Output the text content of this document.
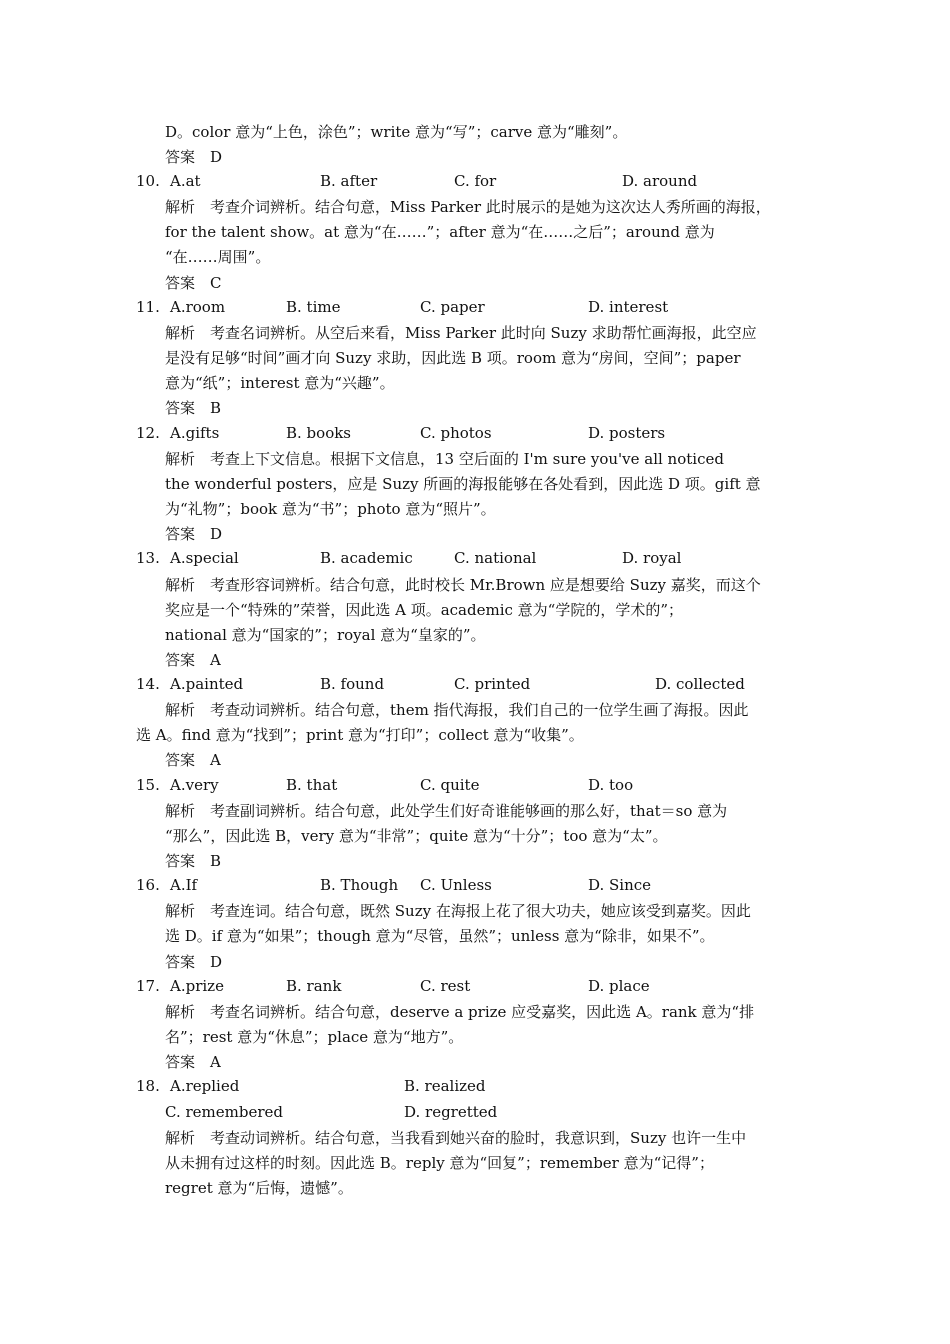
D。color 意为“上色，涂色”；write 意为“写”；carve 意为“雕刻”。
答案　D
10. A.at	B. after	C. for	D. around
解析　考查介词辨析。结合句意，Miss Parker 此时展示的是她为这次达人秀所画的海报，
for the talent show。at 意为“在……”；after 意为“在……之后”；around 意为
“在……周围”。
答案　C
11. A.room	B. time	C. paper	D. interest
解析　考查名词辨析。从空后来看，Miss Parker 此时向 Suzy 求助帮忙画海报，此空应
是没有足够“时间”画才向 Suzy 求助，因此选 B 项。room 意为“房间，空间”；paper
意为“纸”；interest 意为“兴趣”。
答案　B
12. A.gifts	B. books	C. photos	D. posters
解析　考查上下文信息。根据下文信息，13 空后面的 I'm sure you've all noticed
the wonderful posters，应是 Suzy 所画的海报能够在各处看到，因此选 D 项。gift 意
为“礼物”；book 意为“书”；photo 意为“照片”。
答案　D
13. A.special	B. academic	C. national	D. royal
解析　考查形容词辨析。结合句意，此时校长 Mr.Brown 应是想要给 Suzy 嘉奖，而这个
奖应是一个“特殊的”荣誉，因此选 A 项。academic 意为“学院的，学术的”；
national 意为“国家的”；royal 意为“皇家的”。
答案　A
14. A.painted	B. found	C. printed	D. collected
解析　考查动词辨析。结合句意，them 指代海报，我们自己的一位学生画了海报。因此
选 A。find 意为“找到”；print 意为“打印”；collect 意为“收集”。
答案　A
15. A.very	B. that	C. quite	D. too
解析　考查副词辨析。结合句意，此处学生们好奇谁能够画的那么好，that＝so 意为
“那么”，因此选 B，very 意为“非常”；quite 意为“十分”；too 意为“太”。
答案　B
16. A.If	B. Though C. Unless	D. Since
解析　考查连词。结合句意，既然 Suzy 在海报上花了很大功夫，她应该受到嘉奖。因此
选 D。if 意为“如果”；though 意为“尽管，虽然”；unless 意为“除非，如果不”。
答案　D
17. A.prize	B. rank	C. rest	D. place
解析　考查名词辨析。结合句意，deserve a prize 应受嘉奖，因此选 A。rank 意为“排
名”；rest 意为“休息”；place 意为“地方”。
答案　A
18. A.replied	B. realized
C. remembered	D. regretted
解析　考查动词辨析。结合句意，当我看到她兴奋的脸时，我意识到，Suzy 也许一生中
从未拥有过这样的时刻。因此选 B。reply 意为“回复”；remember 意为“记得”；
regret 意为“后悔，遗憾”。
